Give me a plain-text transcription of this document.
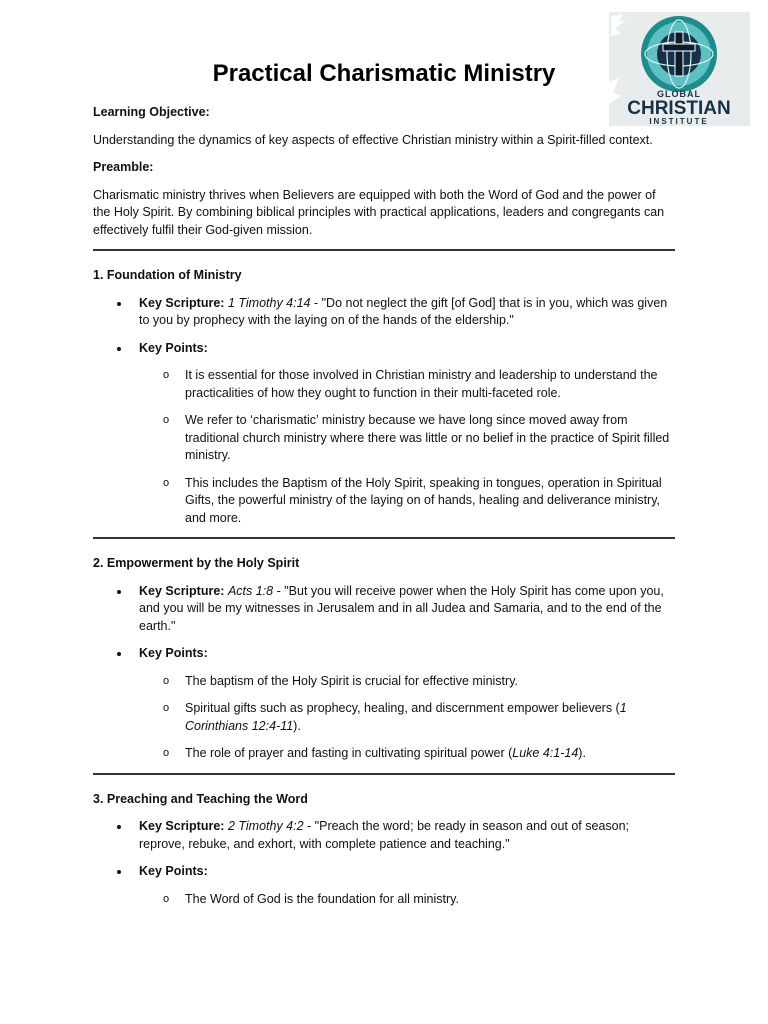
GLOBAL
CHRISTIAN
INSTITUTE
Practical Charismatic Ministry

Learning Objective:

Understanding the dynamics of key aspects of effective Christian ministry within a Spirit-filled context.

Preamble:

Charismatic ministry thrives when Believers are equipped with both the Word of God and the power of the Holy Spirit. By combining biblical principles with practical applications, leaders and congregants can effectively fulfil their God-given mission.

1. Foundation of Ministry

Key Scripture: 1 Timothy 4:14 - "Do not neglect the gift [of God] that is in you, which was given to you by prophecy with the laying on of the hands of the eldership."
Key Points:
o It is essential for those involved in Christian ministry and leadership to understand the practicalities of how they ought to function in their multi-faceted role.
o We refer to ‘charismatic’ ministry because we have long since moved away from traditional church ministry where there was little or no belief in the practice of Spirit filled ministry.
o This includes the Baptism of the Holy Spirit, speaking in tongues, operation in Spiritual Gifts, the powerful ministry of the laying on of hands, healing and deliverance ministry, and more.

2. Empowerment by the Holy Spirit

Key Scripture: Acts 1:8 - "But you will receive power when the Holy Spirit has come upon you, and you will be my witnesses in Jerusalem and in all Judea and Samaria, and to the end of the earth."
Key Points:
o The baptism of the Holy Spirit is crucial for effective ministry.
o Spiritual gifts such as prophecy, healing, and discernment empower believers (1 Corinthians 12:4-11).
o The role of prayer and fasting in cultivating spiritual power (Luke 4:1-14).

3. Preaching and Teaching the Word

Key Scripture: 2 Timothy 4:2 - "Preach the word; be ready in season and out of season; reprove, rebuke, and exhort, with complete patience and teaching."
Key Points:
o The Word of God is the foundation for all ministry.
